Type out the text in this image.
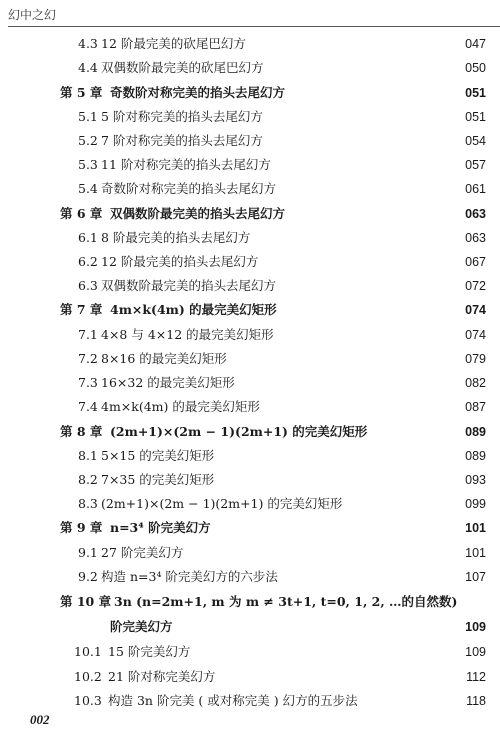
幻中之幻
4.3 12 阶最完美的砍尾巴幻方	047
4.4 双偶数阶最完美的砍尾巴幻方	050
第 5 章 奇数阶对称完美的掐头去尾幻方	051
5.1 5 阶对称完美的掐头去尾幻方	051
5.2 7 阶对称完美的掐头去尾幻方	054
5.3 11 阶对称完美的掐头去尾幻方	057
5.4 奇数阶对称完美的掐头去尾幻方	061
第 6 章 双偶数阶最完美的掐头去尾幻方	063
6.1 8 阶最完美的掐头去尾幻方	063
6.2 12 阶最完美的掐头去尾幻方	067
6.3 双偶数阶最完美的掐头去尾幻方	072
第 7 章 4m×k(4m) 的最完美幻矩形	074
7.1 4×8 与 4×12 的最完美幻矩形	074
7.2 8×16 的最完美幻矩形	079
7.3 16×32 的最完美幻矩形	082
7.4 4m×k(4m) 的最完美幻矩形	087
第 8 章 (2m+1)×(2m − 1)(2m+1) 的完美幻矩形	089
8.1 5×15 的完美幻矩形	089
8.2 7×35 的完美幻矩形	093
8.3 (2m+1)×(2m − 1)(2m+1) 的完美幻矩形	099
第 9 章 n=3⁴ 阶完美幻方	101
9.1 27 阶完美幻方	101
9.2 构造 n=3⁴ 阶完美幻方的六步法	107
第 10 章 3n (n=2m+1, m 为 m ≠ 3t+1, t=0, 1, 2, …的自然数)
阶完美幻方	109
10.1 15 阶完美幻方	109
10.2 21 阶对称完美幻方	112
10.3 构造 3n 阶完美 ( 或对称完美 ) 幻方的五步法	118
002
